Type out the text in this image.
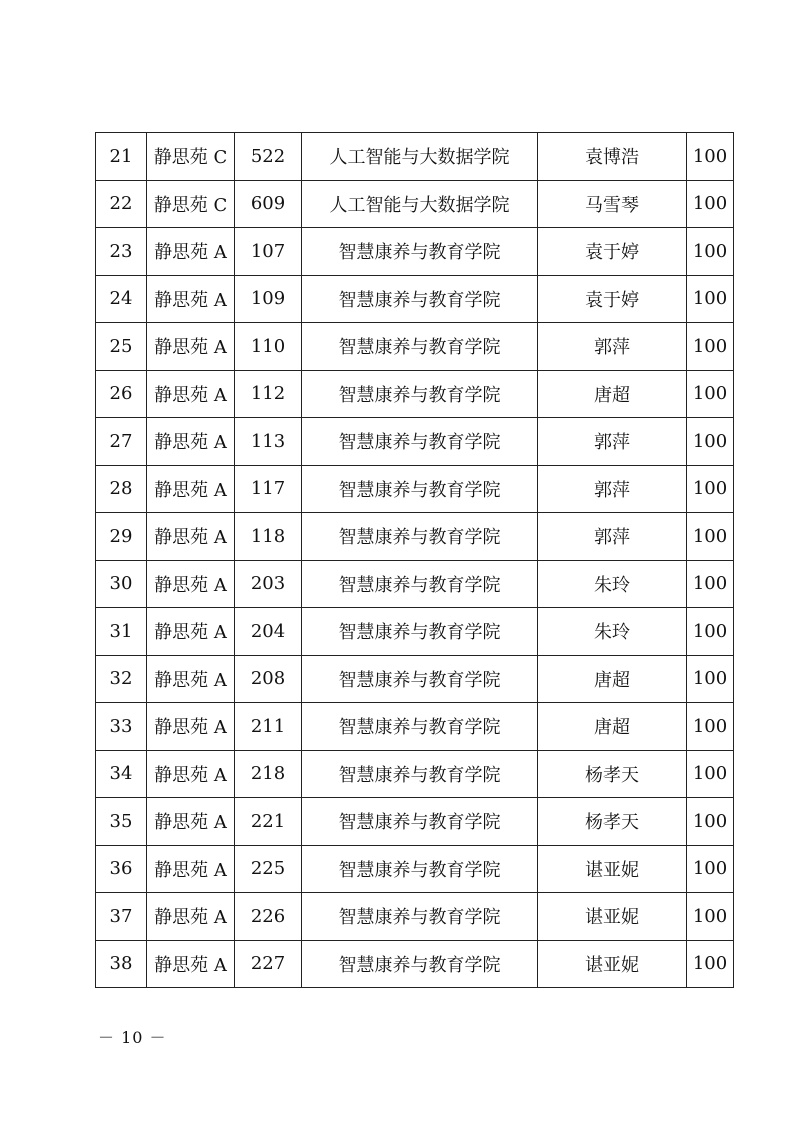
21	静思苑 C	522	人工智能与大数据学院	袁博浩	100
22	静思苑 C	609	人工智能与大数据学院	马雪琴	100
23	静思苑 A	107	智慧康养与教育学院	袁于婷	100
24	静思苑 A	109	智慧康养与教育学院	袁于婷	100
25	静思苑 A	110	智慧康养与教育学院	郭萍	100
26	静思苑 A	112	智慧康养与教育学院	唐超	100
27	静思苑 A	113	智慧康养与教育学院	郭萍	100
28	静思苑 A	117	智慧康养与教育学院	郭萍	100
29	静思苑 A	118	智慧康养与教育学院	郭萍	100
30	静思苑 A	203	智慧康养与教育学院	朱玲	100
31	静思苑 A	204	智慧康养与教育学院	朱玲	100
32	静思苑 A	208	智慧康养与教育学院	唐超	100
33	静思苑 A	211	智慧康养与教育学院	唐超	100
34	静思苑 A	218	智慧康养与教育学院	杨孝天	100
35	静思苑 A	221	智慧康养与教育学院	杨孝天	100
36	静思苑 A	225	智慧康养与教育学院	谌亚妮	100
37	静思苑 A	226	智慧康养与教育学院	谌亚妮	100
38	静思苑 A	227	智慧康养与教育学院	谌亚妮	100
－ 10 －
